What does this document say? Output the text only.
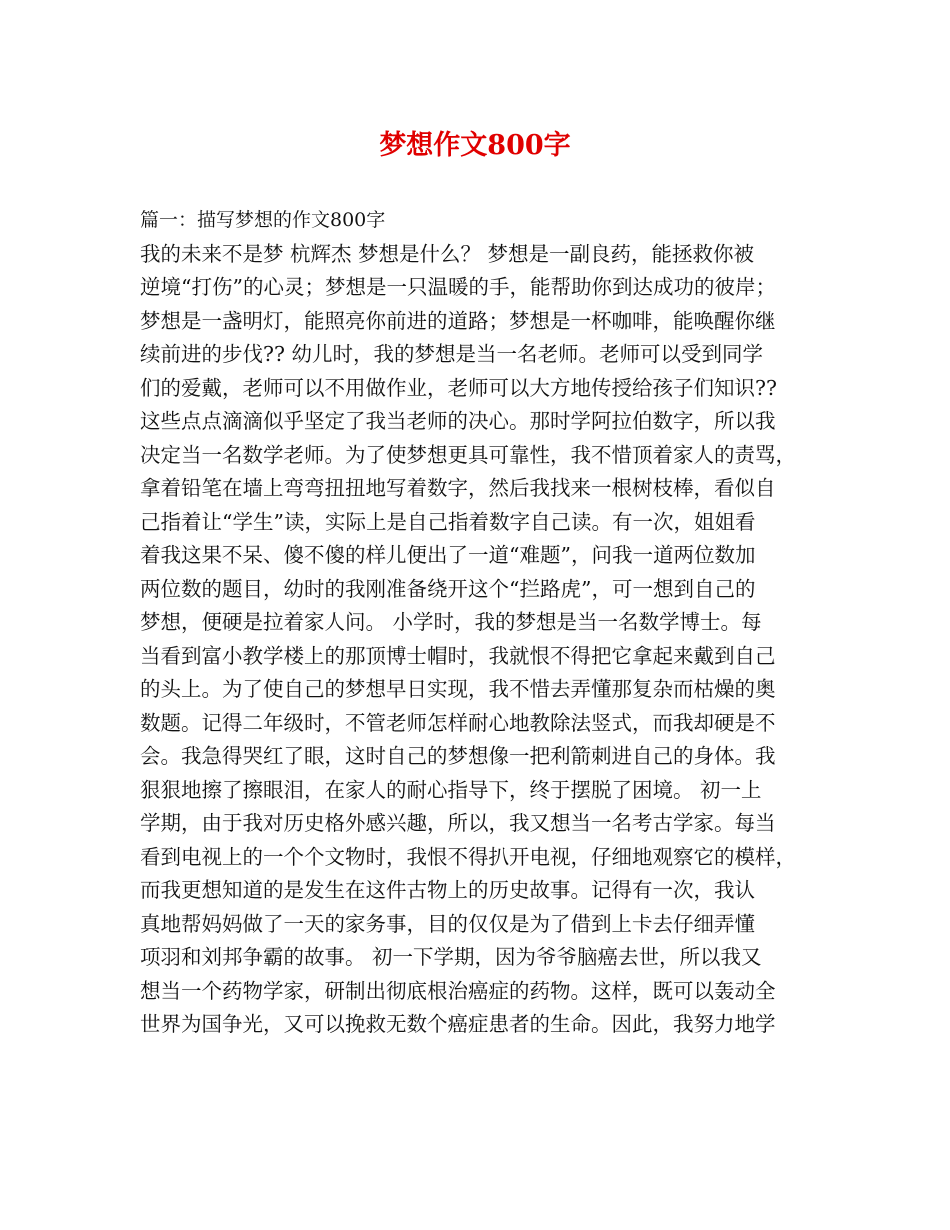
梦想作文800字
篇一：描写梦想的作文800字
我的未来不是梦 杭辉杰 梦想是什么？ 梦想是一副良药，能拯救你被
逆境“打伤”的心灵；梦想是一只温暖的手，能帮助你到达成功的彼岸；
梦想是一盏明灯，能照亮你前进的道路；梦想是一杯咖啡，能唤醒你继
续前进的步伐?? 幼儿时，我的梦想是当一名老师。老师可以受到同学
们的爱戴，老师可以不用做作业，老师可以大方地传授给孩子们知识??
这些点点滴滴似乎坚定了我当老师的决心。那时学阿拉伯数字，所以我
决定当一名数学老师。为了使梦想更具可靠性，我不惜顶着家人的责骂，
拿着铅笔在墙上弯弯扭扭地写着数字，然后我找来一根树枝棒，看似自
己指着让“学生”读，实际上是自己指着数字自己读。有一次，姐姐看
着我这果不呆、傻不傻的样儿便出了一道“难题”，问我一道两位数加
两位数的题目，幼时的我刚准备绕开这个“拦路虎”，可一想到自己的
梦想，便硬是拉着家人问。 小学时，我的梦想是当一名数学博士。每
当看到富小教学楼上的那顶博士帽时，我就恨不得把它拿起来戴到自己
的头上。为了使自己的梦想早日实现，我不惜去弄懂那复杂而枯燥的奥
数题。记得二年级时，不管老师怎样耐心地教除法竖式，而我却硬是不
会。我急得哭红了眼，这时自己的梦想像一把利箭刺进自己的身体。我
狠狠地擦了擦眼泪，在家人的耐心指导下，终于摆脱了困境。 初一上
学期，由于我对历史格外感兴趣，所以，我又想当一名考古学家。每当
看到电视上的一个个文物时，我恨不得扒开电视，仔细地观察它的模样，
而我更想知道的是发生在这件古物上的历史故事。记得有一次，我认
真地帮妈妈做了一天的家务事，目的仅仅是为了借到上卡去仔细弄懂
项羽和刘邦争霸的故事。 初一下学期，因为爷爷脑癌去世，所以我又
想当一个药物学家，研制出彻底根治癌症的药物。这样，既可以轰动全
世界为国争光，又可以挽救无数个癌症患者的生命。因此，我努力地学
